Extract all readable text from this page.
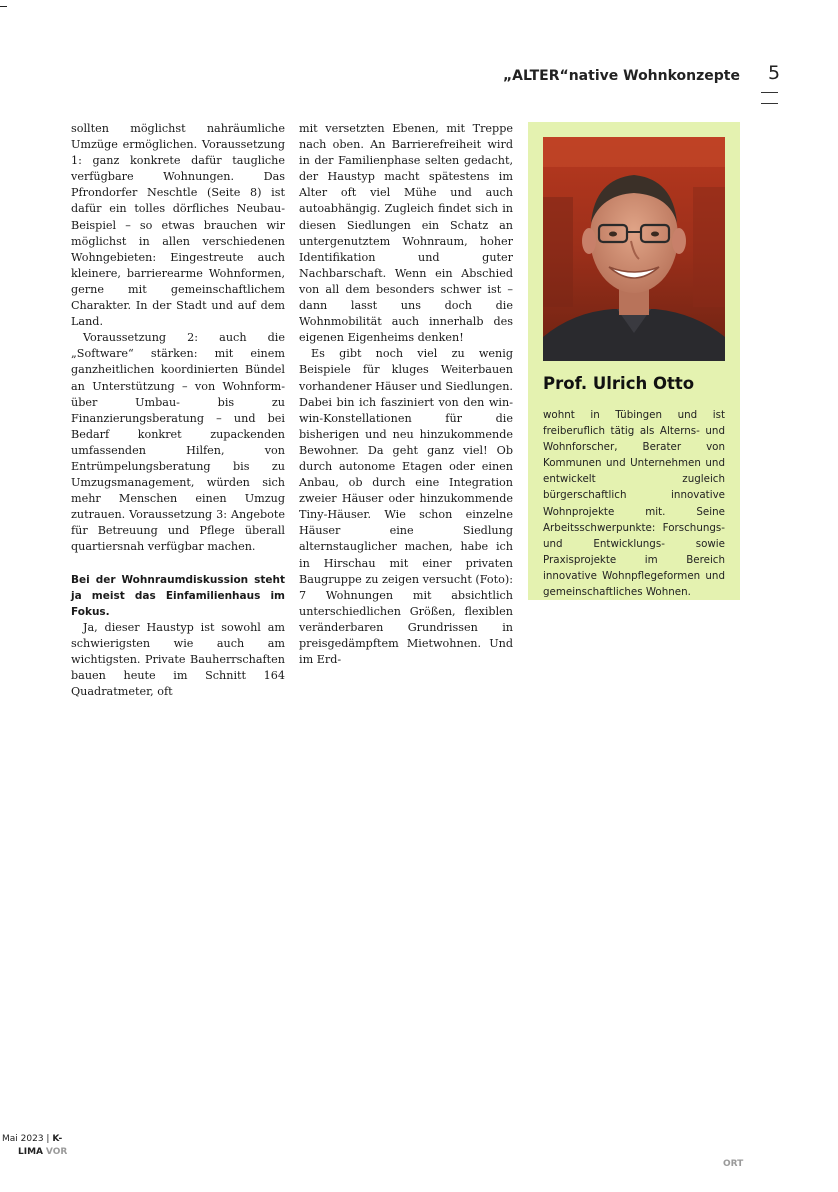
„ALTER“native Wohnkonzepte 5

sollten möglichst nahräumliche Umzüge ermöglichen. Voraussetzung 1: ganz konkrete dafür taugliche verfügbare Wohnungen. Das Pfrondorfer Neschtle (Seite 8) ist dafür ein tolles dörfliches Neubau-Beispiel – so etwas brauchen wir möglichst in allen verschiedenen Wohngebieten: Eingestreute auch kleinere, barrierearme Wohnformen, gerne mit gemeinschaftlichem Charakter. In der Stadt und auf dem Land.

Voraussetzung 2: auch die „Software“ stärken: mit einem ganzheitlichen koordinierten Bündel an Unterstützung – von Wohnform- über Umbau- bis zu Finanzierungsberatung – und bei Bedarf konkret zupackenden umfassenden Hilfen, von Entrümpelungsberatung bis zu Umzugsmanagement, würden sich mehr Menschen einen Umzug zutrauen. Voraussetzung 3: Angebote für Betreuung und Pflege überall quartiersnah verfügbar machen.

Bei der Wohnraumdiskussion steht ja meist das Einfamilienhaus im Fokus.

Ja, dieser Haustyp ist sowohl am schwierigsten wie auch am wichtigsten. Private Bauherrschaften bauen heute im Schnitt 164 Quadratmeter, oft

mit versetzten Ebenen, mit Treppe nach oben. An Barrierefreiheit wird in der Familienphase selten gedacht, der Haustyp macht spätestens im Alter oft viel Mühe und auch autoabhängig. Zugleich findet sich in diesen Siedlungen ein Schatz an untergenutztem Wohnraum, hoher Identifikation und guter Nachbarschaft. Wenn ein Abschied von all dem besonders schwer ist – dann lasst uns doch die Wohnmobilität auch innerhalb des eigenen Eigenheims denken!

Es gibt noch viel zu wenig Beispiele für kluges Weiterbauen vorhandener Häuser und Siedlungen. Dabei bin ich fasziniert von den win-win-Konstellationen für die bisherigen und neu hinzukommende Bewohner. Da geht ganz viel! Ob durch autonome Etagen oder einen Anbau, ob durch eine Integration zweier Häuser oder hinzukommende Tiny-Häuser. Wie schon einzelne Häuser eine Siedlung alternstauglicher machen, habe ich in Hirschau mit einer privaten Baugruppe zu zeigen versucht (Foto): 7 Wohnungen mit absichtlich unterschiedlichen Größen, flexiblen veränderbaren Grundrissen in preisgedämpftem Mietwohnen. Und im Erd-

Prof. Ulrich Otto
wohnt in Tübingen und ist freiberuflich tätig als Alterns- und Wohnforscher, Berater von Kommunen und Unternehmen und entwickelt zugleich bürgerschaftlich innovative Wohnprojekte mit. Seine Arbeitsschwerpunkte: Forschungs- und Entwicklungs- sowie Praxisprojekte im Bereich innovative Wohnpflegeformen und gemeinschaftliches Wohnen.
Mai 2023 | K-
LIMA VOR
ORT
